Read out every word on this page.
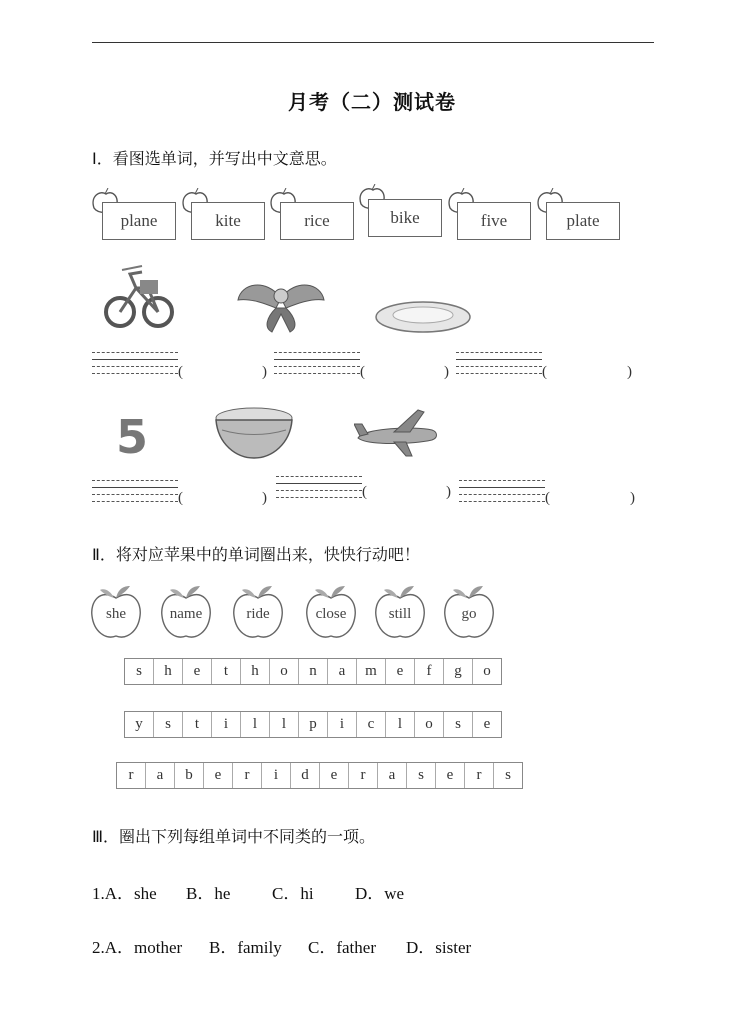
月考（二）测试卷
Ⅰ．看图选单词，并写出中文意思。
plane	kite	rice	bike	five	plate
(	)	(	)	(	)
5
(	)	(	)	(	)
Ⅱ．将对应苹果中的单词圈出来，快快行动吧！
she	name	ride	close	still	go
s	h	e	t	h	o	n	a	m	e	f	g	o
y	s	t	i	l	l	p	i	c	l	o	s	e
r	a	b	e	r	i	d	e	r	a	s	e	r	s
Ⅲ．圈出下列每组单词中不同类的一项。
1.A．she B．he C．hi D．we
2.A．mother B．family C．father D．sister
